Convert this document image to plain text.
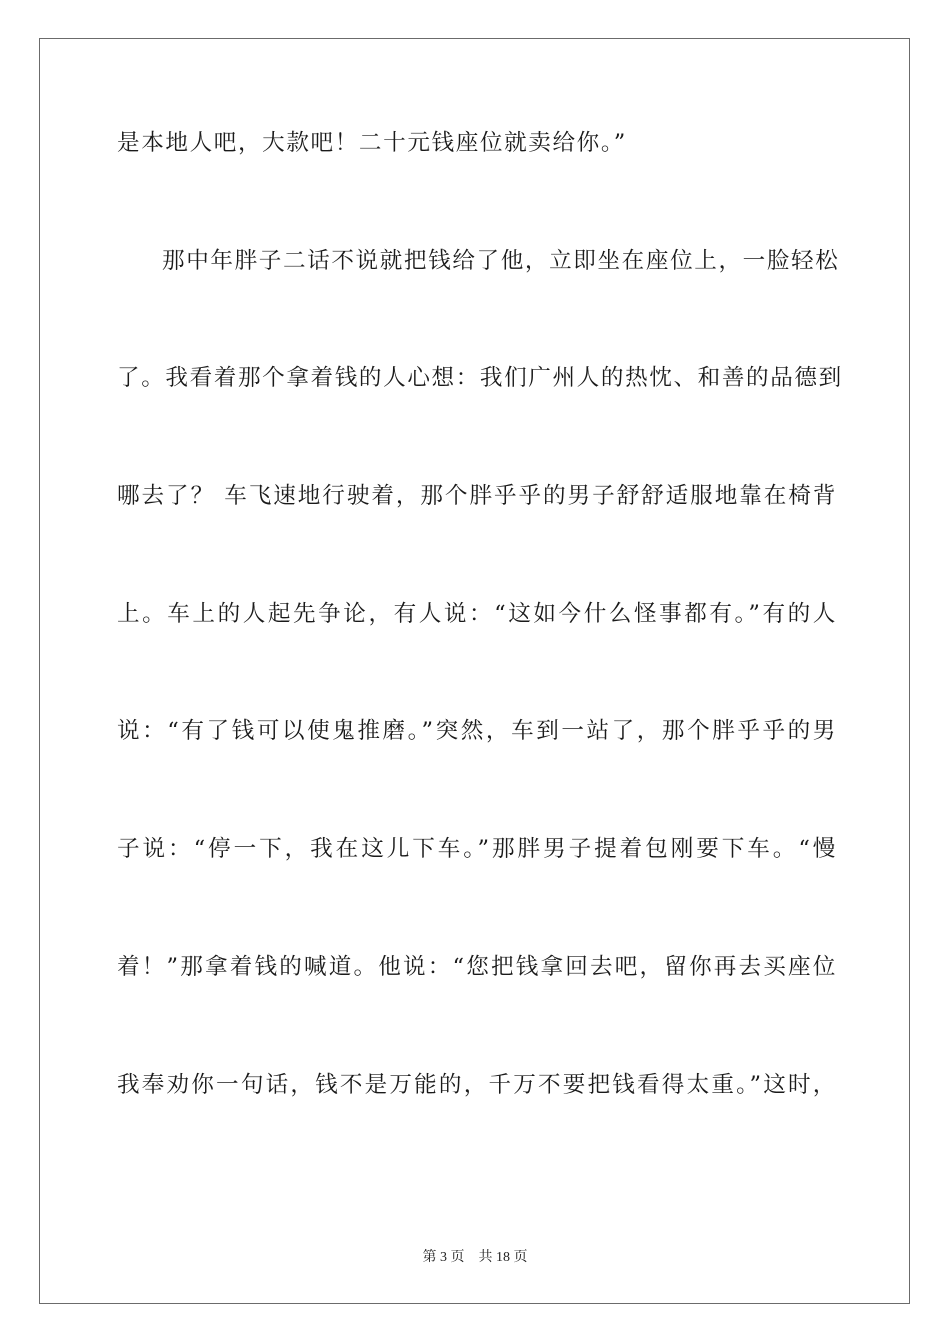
是本地人吧，大款吧！二十元钱座位就卖给你。”
那中年胖子二话不说就把钱给了他，立即坐在座位上，一脸轻松
了。我看着那个拿着钱的人心想：我们广州人的热忱、和善的品德到
哪去了？ 车飞速地行驶着，那个胖乎乎的男子舒舒适服地靠在椅背
上。车上的人起先争论，有人说：“这如今什么怪事都有。”有的人
说：“有了钱可以使鬼推磨。”突然，车到一站了，那个胖乎乎的男
子说：“停一下，我在这儿下车。”那胖男子提着包刚要下车。“慢
着！”那拿着钱的喊道。他说：“您把钱拿回去吧，留你再去买座位
我奉劝你一句话，钱不是万能的，千万不要把钱看得太重。”这时，
第 3 页 共 18 页
